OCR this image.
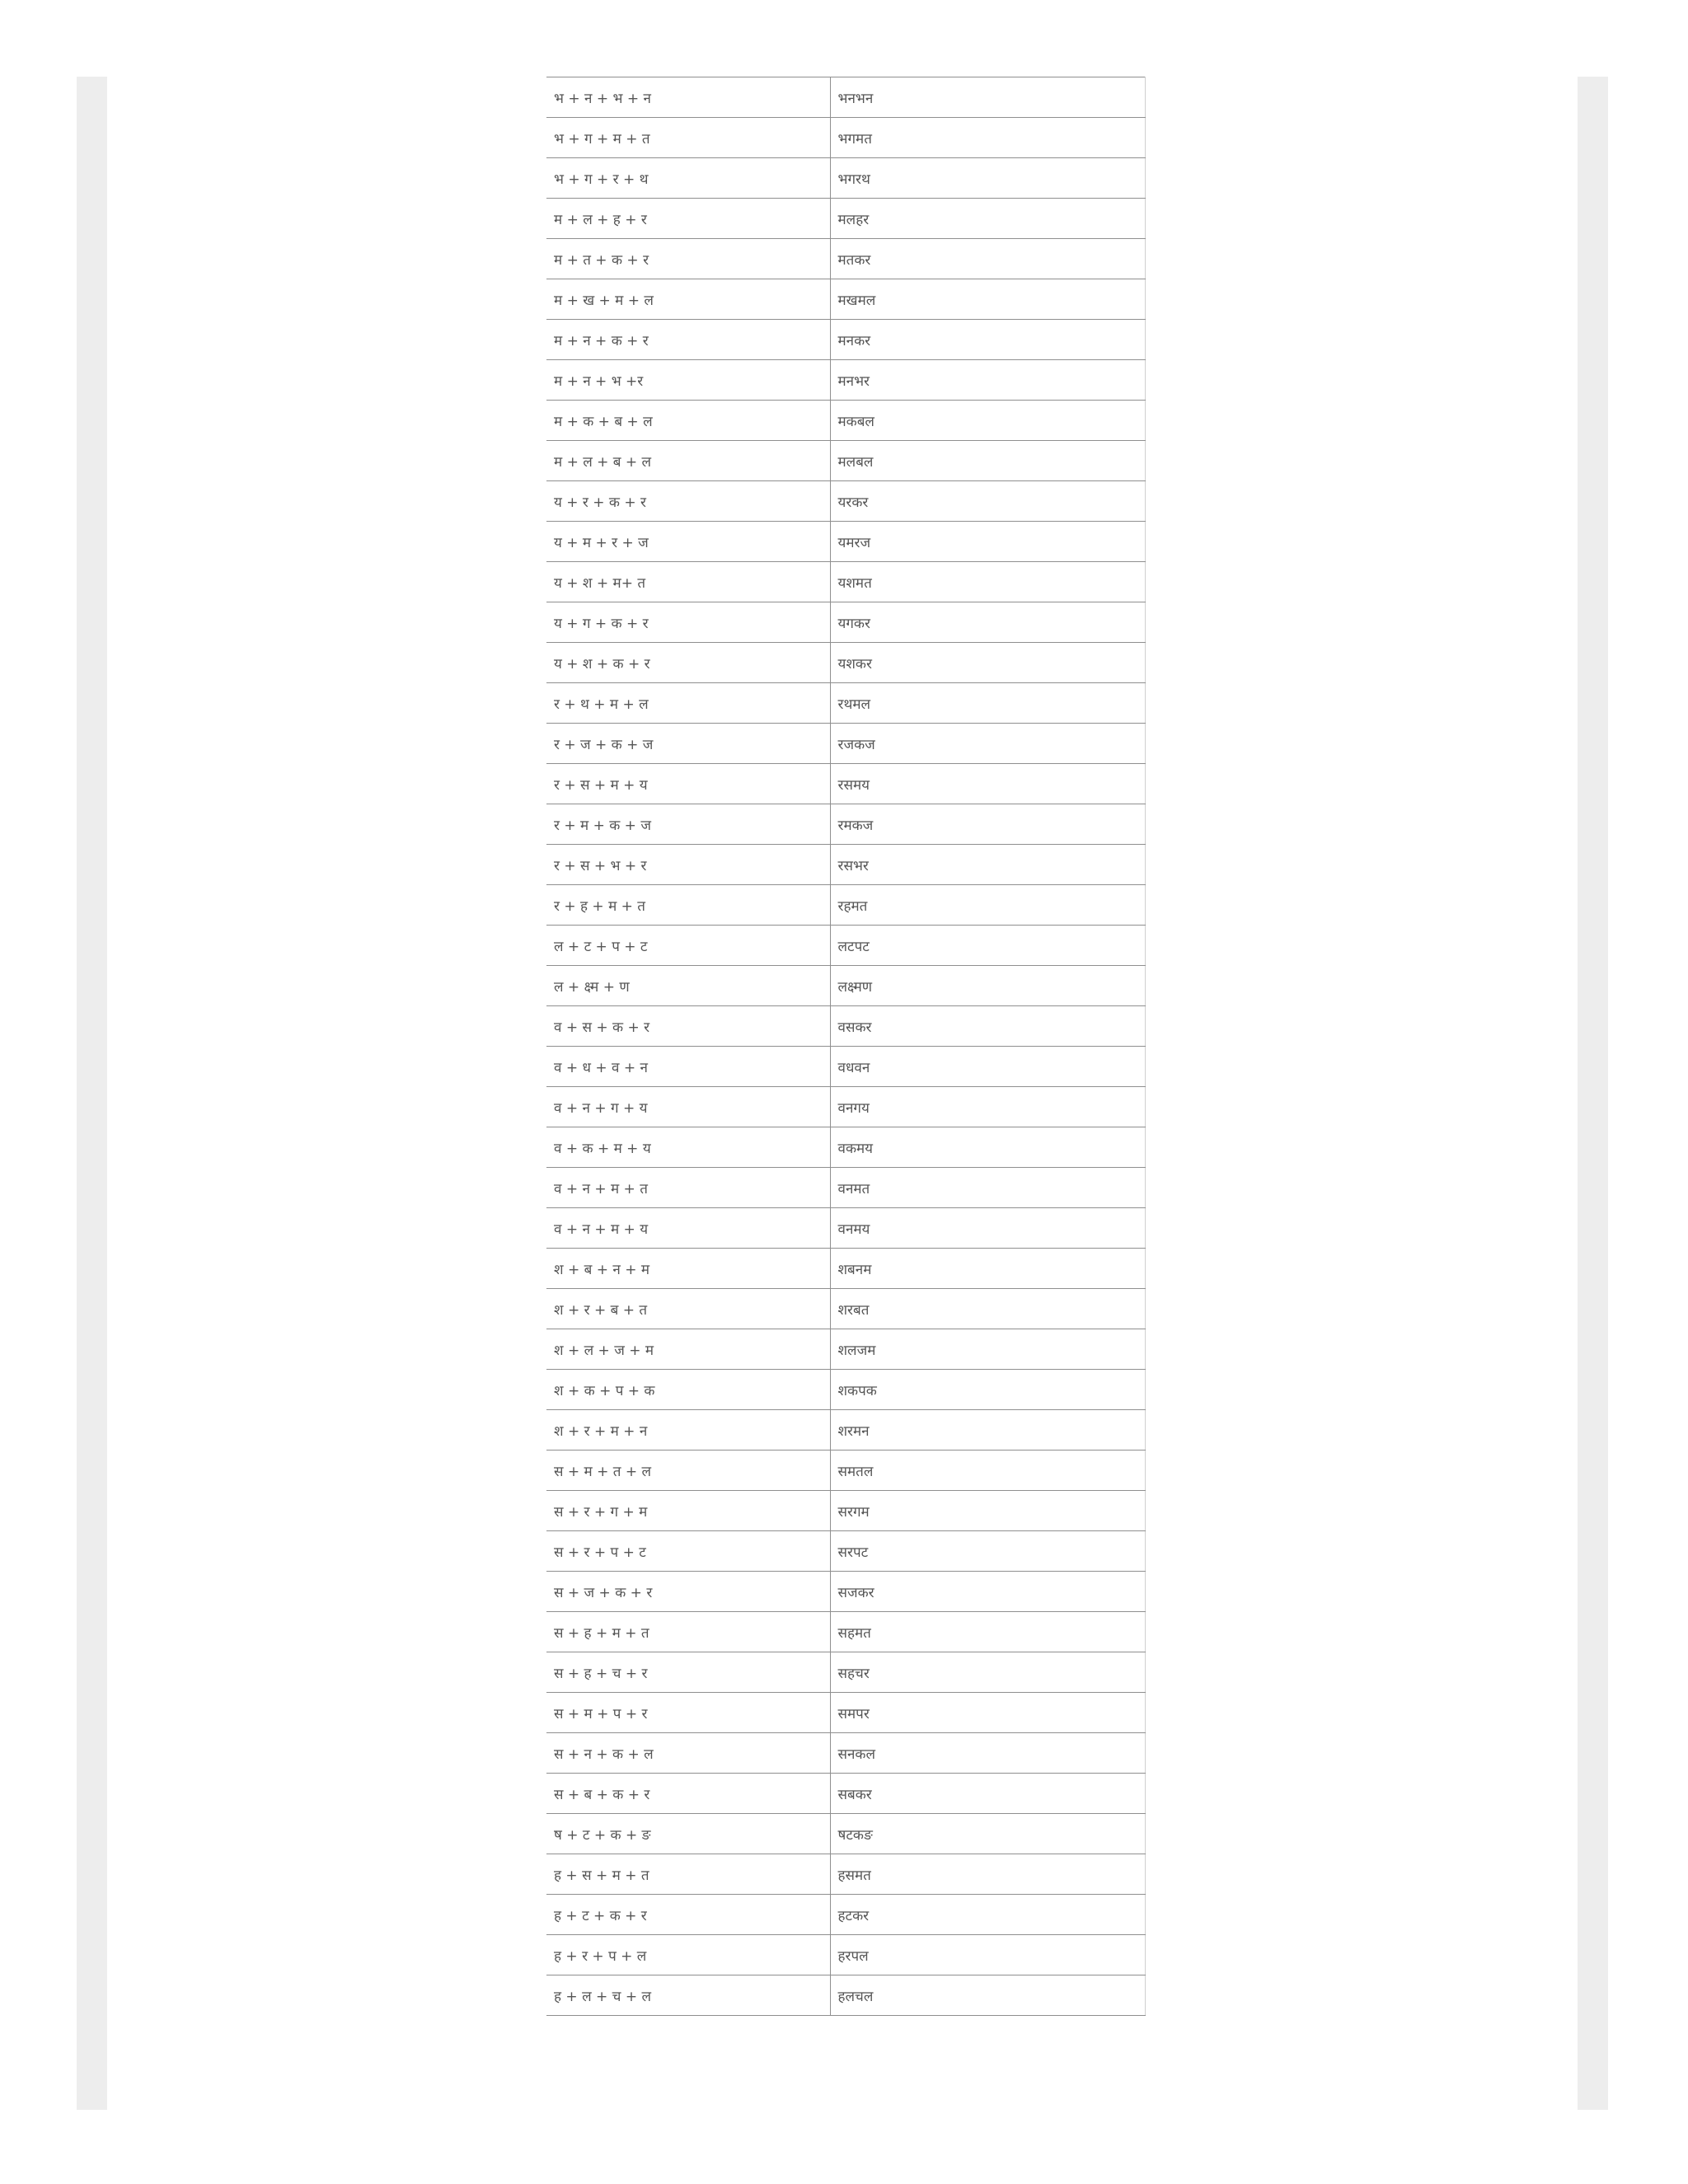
भ + न + भ + न	भनभन
भ + ग + म + त	भगमत
भ + ग + र + थ	भगरथ
म + ल + ह + र	मलहर
म + त + क + र	मतकर
म + ख + म + ल	मखमल
म + न + क + र	मनकर
म + न + भ +र	मनभर
म + क + ब + ल	मकबल
म + ल + ब + ल	मलबल
य + र + क + र	यरकर
य + म + र + ज	यमरज
य + श + म+ त	यशमत
य + ग + क + र	यगकर
य + श + क + र	यशकर
र + थ + म + ल	रथमल
र + ज + क + ज	रजकज
र + स + म + य	रसमय
र + म + क + ज	रमकज
र + स + भ + र	रसभर
र + ह + म + त	रहमत
ल + ट + प + ट	लटपट
ल + क्ष्म + ण	लक्ष्मण
व + स + क + र	वसकर
व + ध + व + न	वधवन
व + न + ग + य	वनगय
व + क + म + य	वकमय
व + न + म + त	वनमत
व + न + म + य	वनमय
श + ब + न + म	शबनम
श + र + ब + त	शरबत
श + ल + ज + म	शलजम
श + क + प + क	शकपक
श + र + म + न	शरमन
स + म + त + ल	समतल
स + र + ग + म	सरगम
स + र + प + ट	सरपट
स + ज + क + र	सजकर
स + ह + म + त	सहमत
स + ह + च + र	सहचर
स + म + प + र	समपर
स + न + क + ल	सनकल
स + ब + क + र	सबकर
ष + ट + क + ङ	षटकङ
ह + स + म + त	हसमत
ह + ट + क + र	हटकर
ह + र + प + ल	हरपल
ह + ल + च + ल	हलचल
